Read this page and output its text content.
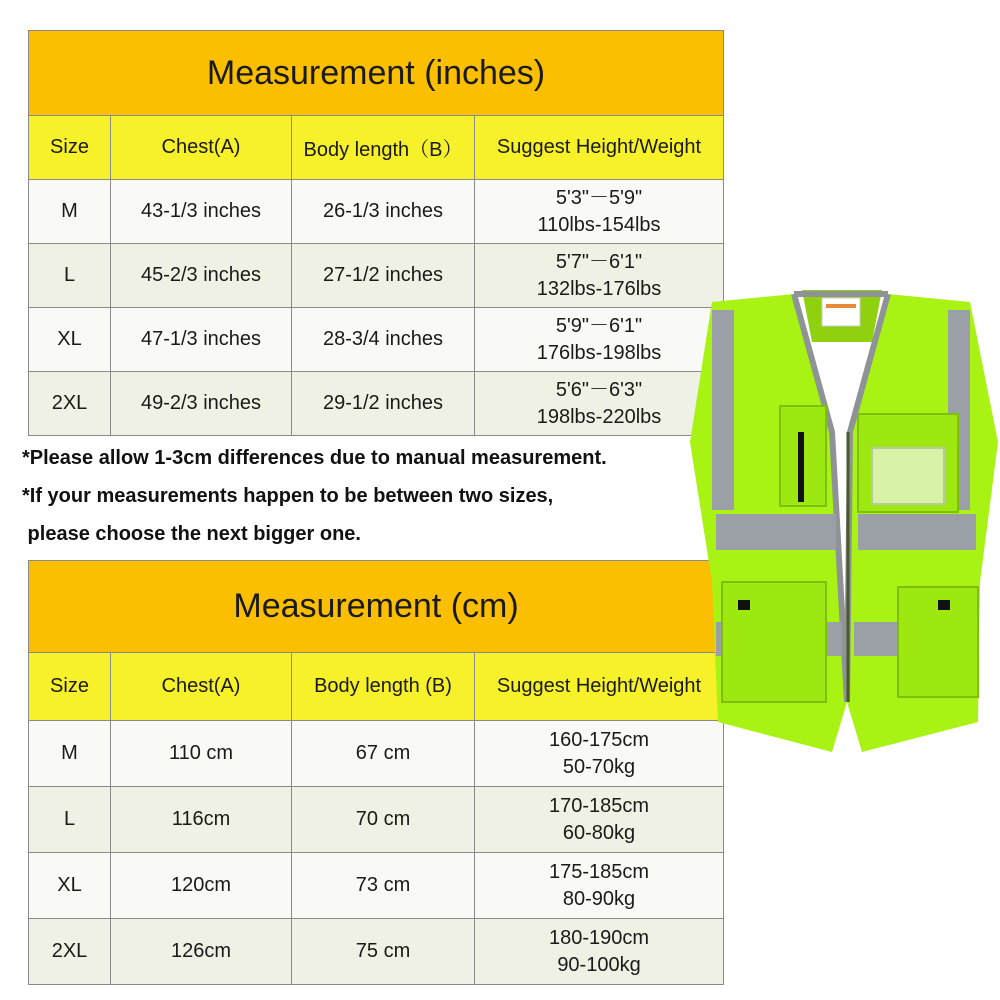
Measurement (inches)			
Size	Chest(A)	Body length（B）	Suggest Height/Weight
M	43-1/3 inches	26-1/3 inches	5'3"－5'9"
110lbs-154lbs

L	45-2/3 inches	27-1/2 inches	5'7"－6'1"
132lbs-176lbs

XL	47-1/3 inches	28-3/4 inches	5'9"－6'1"
176lbs-198lbs

2XL	49-2/3 inches	29-1/2 inches	5'6"－6'3"
198lbs-220lbs
*Please allow 1-3cm differences due to manual measurement.
*If your measurements happen to be between two sizes,
please choose the next bigger one.
Measurement (cm)			
Size	Chest(A)	Body length (B)	Suggest Height/Weight
M	110 cm	67 cm	160-175cm
50-70kg

L	116cm	70 cm	170-185cm
60-80kg

XL	120cm	73 cm	175-185cm
80-90kg

2XL	126cm	75 cm	180-190cm
90-100kg
